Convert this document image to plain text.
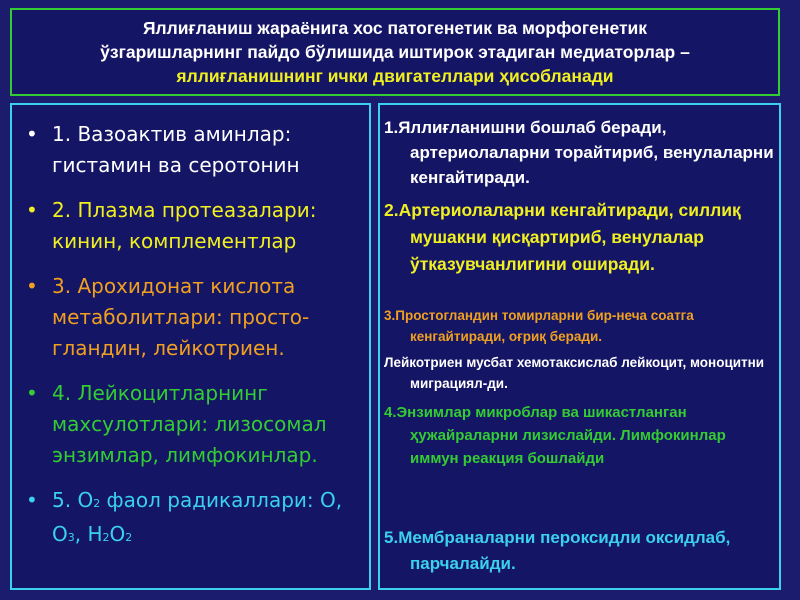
Яллиғланиш жараёнига хос патогенетик ва морфогенетик
ўзгаришларнинг пайдо бўлишида иштирок этадиган медиаторлар –
яллиғланишнинг ички двигателлари ҳисобланади
• 1. Вазоактив аминлар: гистамин ва серотонин
• 2. Плазма протеазалари: кинин, комплементлар
• 3. Арохидонат кислота метаболитлари: просто-гландин, лейкотриен.
• 4. Лейкоцитларнинг махсулотлари: лизосомал энзимлар, лимфокинлар.
• 5. О2 фаол радикаллари: О, О3, Н2О2
1.Яллиғланишни бошлаб беради, артериолаларни торайтириб, венулаларни кенгайтиради.
2.Артериолаларни кенгайтиради, силлиқ мушакни қисқартириб, венулалар ўтказувчанлигини оширади.
3.Простогландин томирларни бир-неча соатга кенгайтиради, оғриқ беради.
Лейкотриен мусбат хемотаксислаб лейкоцит, моноцитни миграциял-ди.
4.Энзимлар микроблар ва шикастланган ҳужайраларни лизислайди. Лимфокинлар иммун реакция бошлайди
5.Мембраналарни пероксидли оксидлаб, парчалайди.
